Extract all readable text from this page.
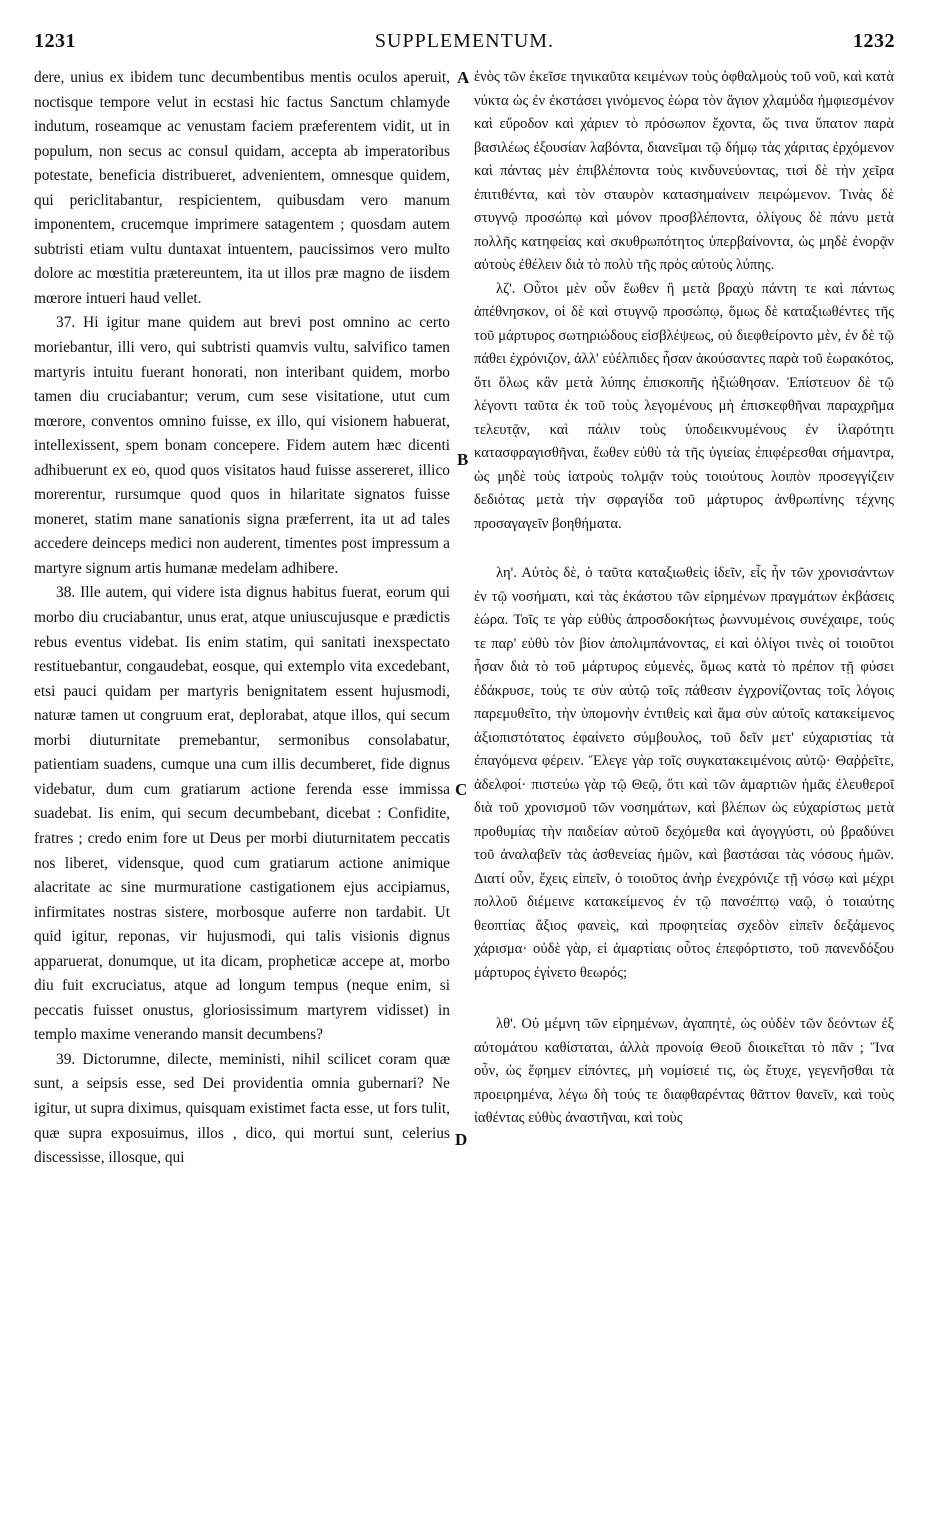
1231	SUPPLEMENTUM.	1232

dere, unius ex ibidem tunc decumbentibus mentis oculos aperuit, noctisque tempore velut in ecstasi hic factus Sanctum chlamyde indutum, roseamque ac venustam faciem præferentem vidit, ut in populum, non secus ac consul quidam, accepta ab imperatoribus potestate, beneficia distribueret, advenientem, omnesque quidem, qui periclitabantur, respicientem, quibusdam vero manum imponentem, crucemque imprimere satagentem ; quosdam autem subtristi etiam vultu duntaxat intuentem, paucissimos vero multo dolore ac mœstitia prætereuntem, ita ut illos præ magno de iisdem mœrore intueri haud vellet.

37. Hi igitur mane quidem aut brevi post omnino ac certo moriebantur, illi vero, qui subtristi quamvis vultu, salvifico tamen martyris intuitu fuerant honorati, non interibant quidem, morbo tamen diu cruciabantur; verum, cum sese visitatione, utut cum mœrore, conventos omnino fuisse, ex illo, qui visionem habuerat, intellexissent, spem bonam concepere. Fidem autem hæc dicenti adhibuerunt ex eo, quod quos visitatos haud fuisse assereret, illico morerentur, rursumque quod quos in hilaritate signatos fuisse moneret, statim mane sanationis signa præferrent, ita ut ad tales accedere deinceps medici non auderent, timentes post impressum a martyre signum artis humanæ medelam adhibere.

38. Ille autem, qui videre ista dignus habitus fuerat, eorum qui morbo diu cruciabantur, unus erat, atque uniuscujusque e prædictis rebus eventus videbat. Iis enim statim, qui sanitati inexspectato restituebantur, congaudebat, eosque, qui extemplo vita excedebant, etsi pauci quidam per martyris benignitatem essent hujusmodi, naturæ tamen ut congruum erat, deplorabat, atque illos, qui secum morbi diuturnitate premebantur, sermonibus consolabatur, patientiam suadens, cumque una cum illis decumberet, fide dignus videbatur, dum cum gratiarum actione ferenda esse immissa suadebat. Iis enim, qui secum decumbebant, dicebat : Confidite, fratres ; credo enim fore ut Deus per morbi diuturnitatem peccatis nos liberet, vidensque, quod cum gratiarum actione animique alacritate ac sine murmuratione castigationem ejus accipiamus, infirmitates nostras sistere, morbosque auferre non tardabit. Ut quid igitur, reponas, vir hujusmodi, qui talis visionis dignus apparuerat, donumque, ut ita dicam, propheticæ accepe at, morbo diu fuit excruciatus, atque ad longum tempus (neque enim, si peccatis fuisset onustus, gloriosissimum martyrem vidisset) in templo maxime venerando mansit decumbens?

39. Dictorumne, dilecte, meministi, nihil scilicet coram quæ sunt, a seipsis esse, sed Dei providentia omnia gubernari? Ne igitur, ut supra diximus, quisquam existimet facta esse, ut fors tulit, quæ supra exposuimus, illos , dico, qui mortui sunt, celerius discessisse, illosque, qui

A
B
C
D

ἑνὸς τῶν ἐκεῖσε τηνικαῦτα κειμένων τοὺς ὀφθαλμοὺς τοῦ νοῦ, καὶ κατὰ νύκτα ὡς ἐν ἐκστάσει γινόμενος ἑώρα τὸν ἅγιον χλαμύδα ἠμφιεσμένον καὶ εὔροδον καὶ χάριεν τὸ πρόσωπον ἔχοντα, ὥς τινα ὕπατον παρὰ βασιλέως ἐξουσίαν λαβόντα, διανεῖμαι τῷ δήμῳ τὰς χάριτας ἐρχόμενον καὶ πάντας μὲν ἐπιβλέποντα τοὺς κινδυνεύοντας, τισὶ δὲ τὴν χεῖρα ἐπιτιθέντα, καὶ τὸν σταυρὸν κατασημαίνειν πειρώμενον. Τινὰς δὲ στυγνῷ προσώπῳ καὶ μόνον προσβλέποντα, ὀλίγους δὲ πάνυ μετὰ πολλῆς κατηφείας καὶ σκυθρωπότητος ὑπερβαίνοντα, ὡς μηδὲ ἐνορᾷν αὐτοὺς ἐθέλειν διὰ τὸ πολὺ τῆς πρὸς αὐτοὺς λύπης.

λζ'. Οὗτοι μὲν οὖν ἕωθεν ἢ μετὰ βραχὺ πάντη τε καὶ πάντως ἀπέθνησκον, οἱ δὲ καὶ στυγνῷ προσώπῳ, ὅμως δὲ καταξιωθέντες τῆς τοῦ μάρτυρος σωτηριώδους εἰσβλέψεως, οὐ διεφθείροντο μὲν, ἐν δὲ τῷ πάθει ἐχρόνιζον, ἀλλ' εὐέλπιδες ἦσαν ἀκούσαντες παρὰ τοῦ ἑωρακότος, ὅτι ὅλως κἂν μετὰ λύπης ἐπισκοπῆς ἠξιώθησαν. Ἐπίστευον δὲ τῷ λέγοντι ταῦτα ἐκ τοῦ τοὺς λεγομένους μὴ ἐπισκεφθῆναι παραχρῆμα τελευτᾷν, καὶ πάλιν τοὺς ὑποδεικνυμένους ἐν ἱλαρότητι κατασφραγισθῆναι, ἕωθεν εὐθὺ τὰ τῆς ὑγιείας ἐπιφέρεσθαι σήμαντρα, ὡς μηδὲ τοὺς ἰατροὺς τολμᾷν τοὺς τοιούτους λοιπὸν προσεγγίζειν δεδιότας μετὰ τὴν σφραγίδα τοῦ μάρτυρος ἀνθρωπίνης τέχνης προσαγαγεῖν βοηθήματα.

λη'. Αὐτὸς δὲ, ὁ ταῦτα καταξιωθεὶς ἰδεῖν, εἷς ἦν τῶν χρονισάντων ἐν τῷ νοσήματι, καὶ τὰς ἑκάστου τῶν εἰρημένων πραγμάτων ἐκβάσεις ἑώρα. Τοῖς τε γὰρ εὐθὺς ἀπροσδοκήτως ῥωννυμένοις συνέχαιρε, τούς τε παρ' εὐθὺ τὸν βίον ἀπολιμπάνοντας, εἰ καὶ ὀλίγοι τινὲς οἱ τοιοῦτοι ἦσαν διὰ τὸ τοῦ μάρτυρος εὐμενὲς, ὅμως κατὰ τὸ πρέπον τῇ φύσει ἐδάκρυσε, τούς τε σὺν αὐτῷ τοῖς πάθεσιν ἐγχρονίζοντας τοῖς λόγοις παρεμυθεῖτο, τὴν ὑπομονὴν ἐντιθεὶς καὶ ἅμα σὺν αὐτοῖς κατακείμενος ἀξιοπιστότατος ἐφαίνετο σύμβουλος, τοῦ δεῖν μετ' εὐχαριστίας τὰ ἐπαγόμενα φέρειν. Ἔλεγε γὰρ τοῖς συγκατακειμένοις αὐτῷ· Θαῤῥεῖτε, ἀδελφοί· πιστεύω γὰρ τῷ Θεῷ, ὅτι καὶ τῶν ἁμαρτιῶν ἡμᾶς ἐλευθεροῖ διὰ τοῦ χρονισμοῦ τῶν νοσημάτων, καὶ βλέπων ὡς εὐχαρίστως μετὰ προθυμίας τὴν παιδείαν αὐτοῦ δεχόμεθα καὶ ἀγογγύστι, οὐ βραδύνει τοῦ ἀναλαβεῖν τὰς ἀσθενείας ἡμῶν, καὶ βαστάσαι τὰς νόσους ἡμῶν. Διατί οὖν, ἔχεις εἰπεῖν, ὁ τοιοῦτος ἀνὴρ ἐνεχρόνιζε τῇ νόσῳ καὶ μέχρι πολλοῦ διέμεινε κατακείμενος ἐν τῷ πανσέπτῳ ναῷ, ὁ τοιαύτης θεοπτίας ἄξιος φανεὶς, καὶ προφητείας σχεδὸν εἰπεῖν δεξάμενος χάρισμα· οὐδὲ γὰρ, εἰ ἁμαρτίαις οὗτος ἐπεφόρτιστο, τοῦ πανενδόξου μάρτυρος ἐγίνετο θεωρός;

λθ'. Οὐ μέμνη τῶν εἰρημένων, ἀγαπητὲ, ὡς οὐδὲν τῶν δεόντων ἐξ αὐτομάτου καθίσταται, ἀλλὰ προνοίᾳ Θεοῦ διοικεῖται τὸ πᾶν ; Ἵνα οὖν, ὡς ἔφημεν εἰπόντες, μὴ νομίσειέ τις, ὡς ἔτυχε, γεγενῆσθαι τὰ προειρημένα, λέγω δὴ τούς τε διαφθαρέντας θᾶττον θανεῖν, καὶ τοὺς ἰαθέντας εὐθὺς ἀναστῆναι, καὶ τοὺς
